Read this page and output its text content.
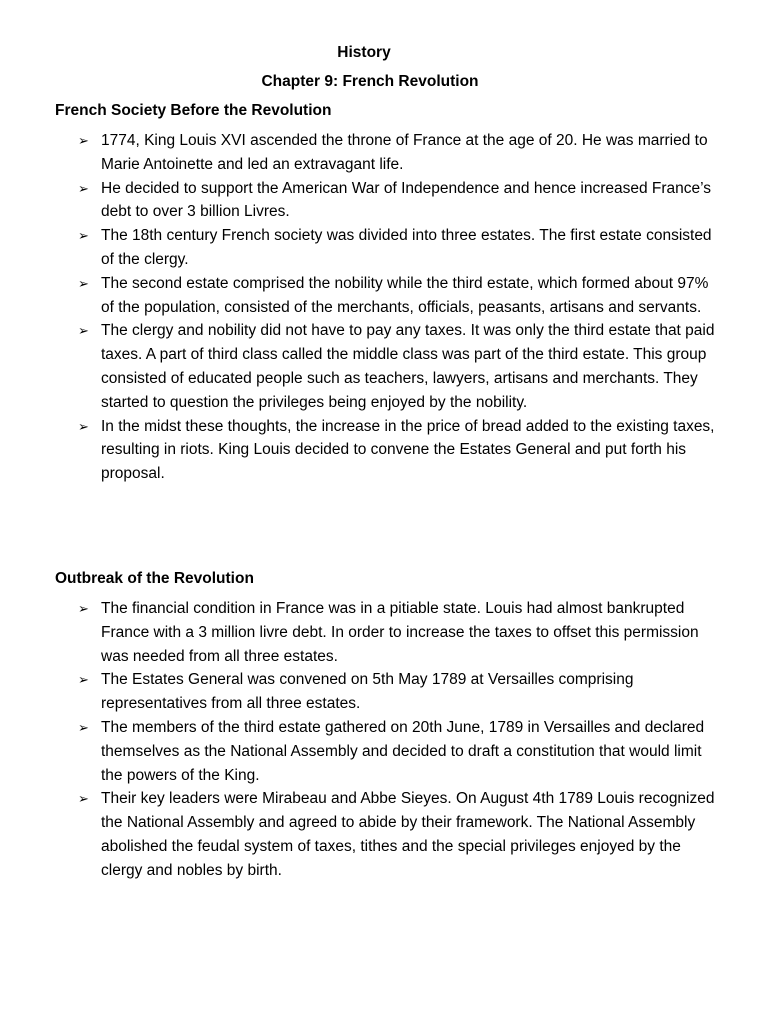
History
Chapter 9: French Revolution
French Society Before the Revolution
➢ 1774, King Louis XVI ascended the throne of France at the age of 20. He was married to Marie Antoinette and led an extravagant life.
➢ He decided to support the American War of Independence and hence increased France’s debt to over 3 billion Livres.
➢ The 18th century French society was divided into three estates. The first estate consisted of the clergy.
➢ The second estate comprised the nobility while the third estate, which formed about 97% of the population, consisted of the merchants, officials, peasants, artisans and servants.
➢ The clergy and nobility did not have to pay any taxes. It was only the third estate that paid taxes. A part of third class called the middle class was part of the third estate. This group consisted of educated people such as teachers, lawyers, artisans and merchants. They started to question the privileges being enjoyed by the nobility.
➢ In the midst these thoughts, the increase in the price of bread added to the existing taxes, resulting in riots. King Louis decided to convene the Estates General and put forth his proposal.
Outbreak of the Revolution
➢ The financial condition in France was in a pitiable state. Louis had almost bankrupted France with a 3 million livre debt. In order to increase the taxes to offset this permission was needed from all three estates.
➢ The Estates General was convened on 5th May 1789 at Versailles comprising representatives from all three estates.
➢ The members of the third estate gathered on 20th June, 1789 in Versailles and declared themselves as the National Assembly and decided to draft a constitution that would limit the powers of the King.
➢ Their key leaders were Mirabeau and Abbe Sieyes. On August 4th 1789 Louis recognized the National Assembly and agreed to abide by their framework. The National Assembly abolished the feudal system of taxes, tithes and the special privileges enjoyed by the clergy and nobles by birth.
